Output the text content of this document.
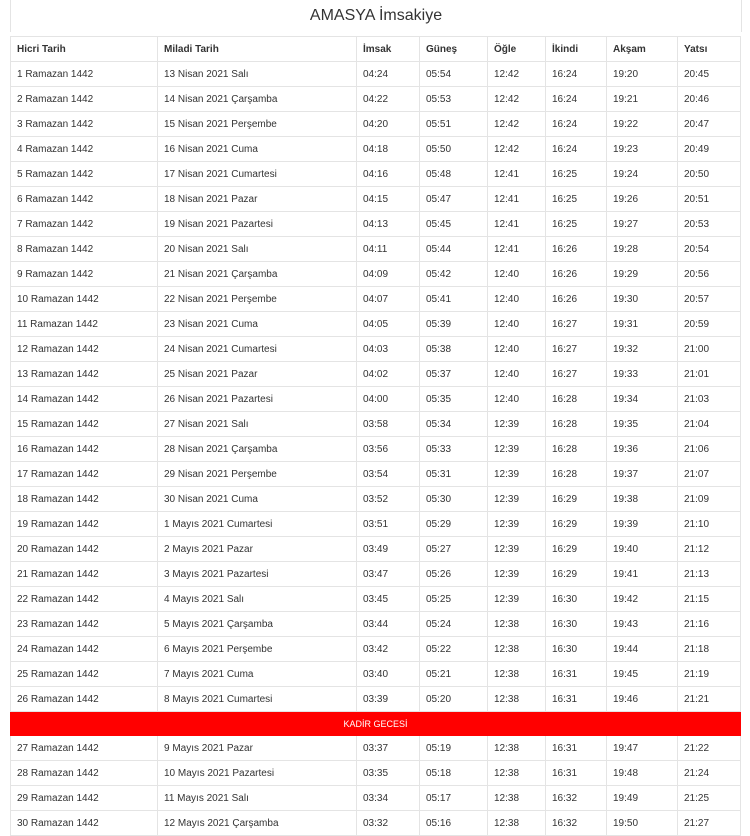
AMASYA İmsakiye
Hicri Tarih	Miladi Tarih	İmsak	Güneş	Öğle	İkindi	Akşam	Yatsı
1 Ramazan 1442	13 Nisan 2021 Salı	04:24	05:54	12:42	16:24	19:20	20:45
2 Ramazan 1442	14 Nisan 2021 Çarşamba	04:22	05:53	12:42	16:24	19:21	20:46
3 Ramazan 1442	15 Nisan 2021 Perşembe	04:20	05:51	12:42	16:24	19:22	20:47
4 Ramazan 1442	16 Nisan 2021 Cuma	04:18	05:50	12:42	16:24	19:23	20:49
5 Ramazan 1442	17 Nisan 2021 Cumartesi	04:16	05:48	12:41	16:25	19:24	20:50
6 Ramazan 1442	18 Nisan 2021 Pazar	04:15	05:47	12:41	16:25	19:26	20:51
7 Ramazan 1442	19 Nisan 2021 Pazartesi	04:13	05:45	12:41	16:25	19:27	20:53
8 Ramazan 1442	20 Nisan 2021 Salı	04:11	05:44	12:41	16:26	19:28	20:54
9 Ramazan 1442	21 Nisan 2021 Çarşamba	04:09	05:42	12:40	16:26	19:29	20:56
10 Ramazan 1442	22 Nisan 2021 Perşembe	04:07	05:41	12:40	16:26	19:30	20:57
11 Ramazan 1442	23 Nisan 2021 Cuma	04:05	05:39	12:40	16:27	19:31	20:59
12 Ramazan 1442	24 Nisan 2021 Cumartesi	04:03	05:38	12:40	16:27	19:32	21:00
13 Ramazan 1442	25 Nisan 2021 Pazar	04:02	05:37	12:40	16:27	19:33	21:01
14 Ramazan 1442	26 Nisan 2021 Pazartesi	04:00	05:35	12:40	16:28	19:34	21:03
15 Ramazan 1442	27 Nisan 2021 Salı	03:58	05:34	12:39	16:28	19:35	21:04
16 Ramazan 1442	28 Nisan 2021 Çarşamba	03:56	05:33	12:39	16:28	19:36	21:06
17 Ramazan 1442	29 Nisan 2021 Perşembe	03:54	05:31	12:39	16:28	19:37	21:07
18 Ramazan 1442	30 Nisan 2021 Cuma	03:52	05:30	12:39	16:29	19:38	21:09
19 Ramazan 1442	1 Mayıs 2021 Cumartesi	03:51	05:29	12:39	16:29	19:39	21:10
20 Ramazan 1442	2 Mayıs 2021 Pazar	03:49	05:27	12:39	16:29	19:40	21:12
21 Ramazan 1442	3 Mayıs 2021 Pazartesi	03:47	05:26	12:39	16:29	19:41	21:13
22 Ramazan 1442	4 Mayıs 2021 Salı	03:45	05:25	12:39	16:30	19:42	21:15
23 Ramazan 1442	5 Mayıs 2021 Çarşamba	03:44	05:24	12:38	16:30	19:43	21:16
24 Ramazan 1442	6 Mayıs 2021 Perşembe	03:42	05:22	12:38	16:30	19:44	21:18
25 Ramazan 1442	7 Mayıs 2021 Cuma	03:40	05:21	12:38	16:31	19:45	21:19
26 Ramazan 1442	8 Mayıs 2021 Cumartesi	03:39	05:20	12:38	16:31	19:46	21:21
KADİR GECESİ							
27 Ramazan 1442	9 Mayıs 2021 Pazar	03:37	05:19	12:38	16:31	19:47	21:22
28 Ramazan 1442	10 Mayıs 2021 Pazartesi	03:35	05:18	12:38	16:31	19:48	21:24
29 Ramazan 1442	11 Mayıs 2021 Salı	03:34	05:17	12:38	16:32	19:49	21:25
30 Ramazan 1442	12 Mayıs 2021 Çarşamba	03:32	05:16	12:38	16:32	19:50	21:27
